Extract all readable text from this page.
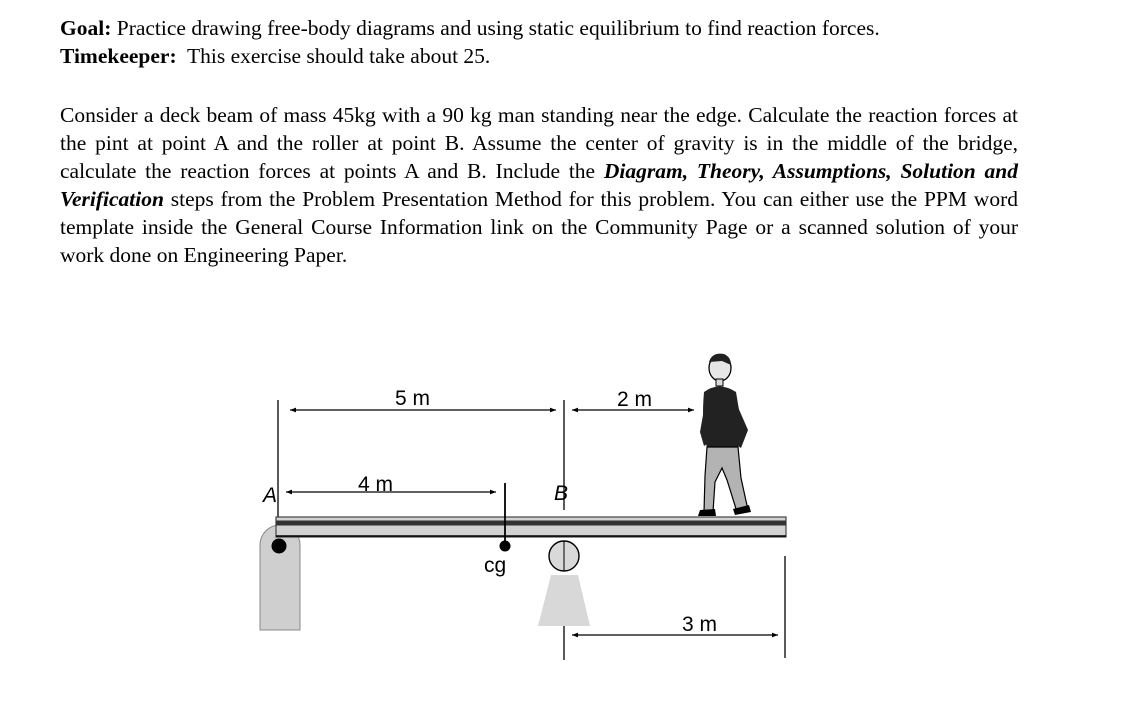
Goal: Practice drawing free-body diagrams and using static equilibrium to find reaction forces.
Timekeeper: This exercise should take about 25.
Consider a deck beam of mass 45kg with a 90 kg man standing near the edge. Calculate the reaction forces at the pint at point A and the roller at point B. Assume the center of gravity is in the middle of the bridge, calculate the reaction forces at points A and B. Include the Diagram, Theory, Assumptions, Solution and Verification steps from the Problem Presentation Method for this problem. You can either use the PPM word template inside the General Course Information link on the Community Page or a scanned solution of your work done on Engineering Paper.
5 m	2 m
4 m
3 m
A	B
cg
